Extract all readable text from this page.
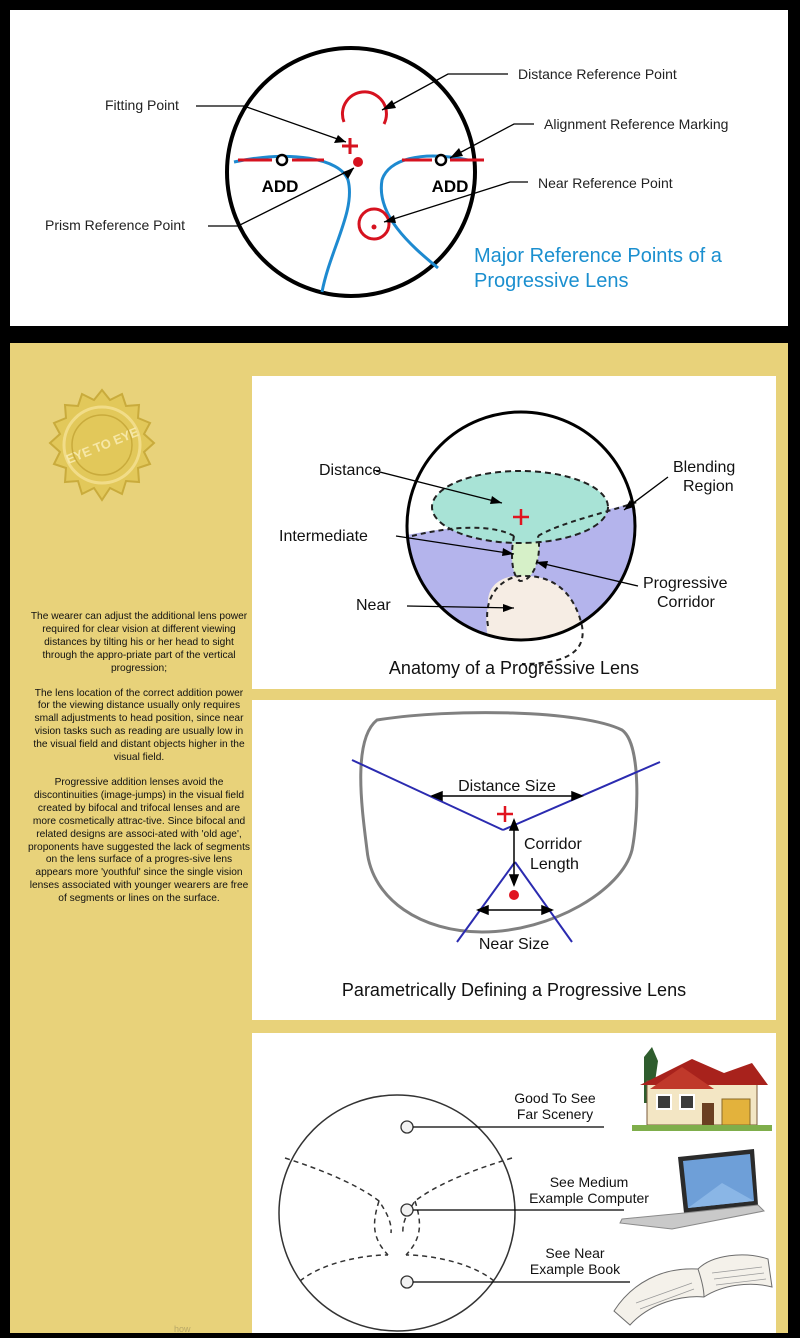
ADD	ADD
Distance Reference Point
Alignment Reference Marking
Near Reference Point
Fitting Point
Prism Reference Point
Major Reference Points of a
Progressive Lens
EYE TO EYE

The wearer can adjust the additional lens power required for clear vision at different viewing distances by tilting his or her head to sight through the appro-priate part of the vertical progression;

The lens location of the correct addition power for the viewing distance usually only requires small adjustments to head position, since near vision tasks such as reading are usually low in the visual field and distant objects higher in the visual field.

Progressive addition lenses avoid the discontinuities (image-jumps) in the visual field created by bifocal and trifocal lenses and are more cosmetically attrac-tive. Since bifocal and related designs are associ-ated with 'old age', proponents have suggested the lack of segments on the lens surface of a progres-sive lens appears more 'youthful' since the single vision lenses associated with younger wearers are free of segments or lines on the surface.

Distance	Blending
Region
Intermediate
Progressive
Corridor
Near
Anatomy of a Progressive Lens
Distance Size
Corridor
Length
Near Size
Parametrically Defining a Progressive Lens
Good To See
Far Scenery
See Medium
Example Computer
See Near
Example Book
how
